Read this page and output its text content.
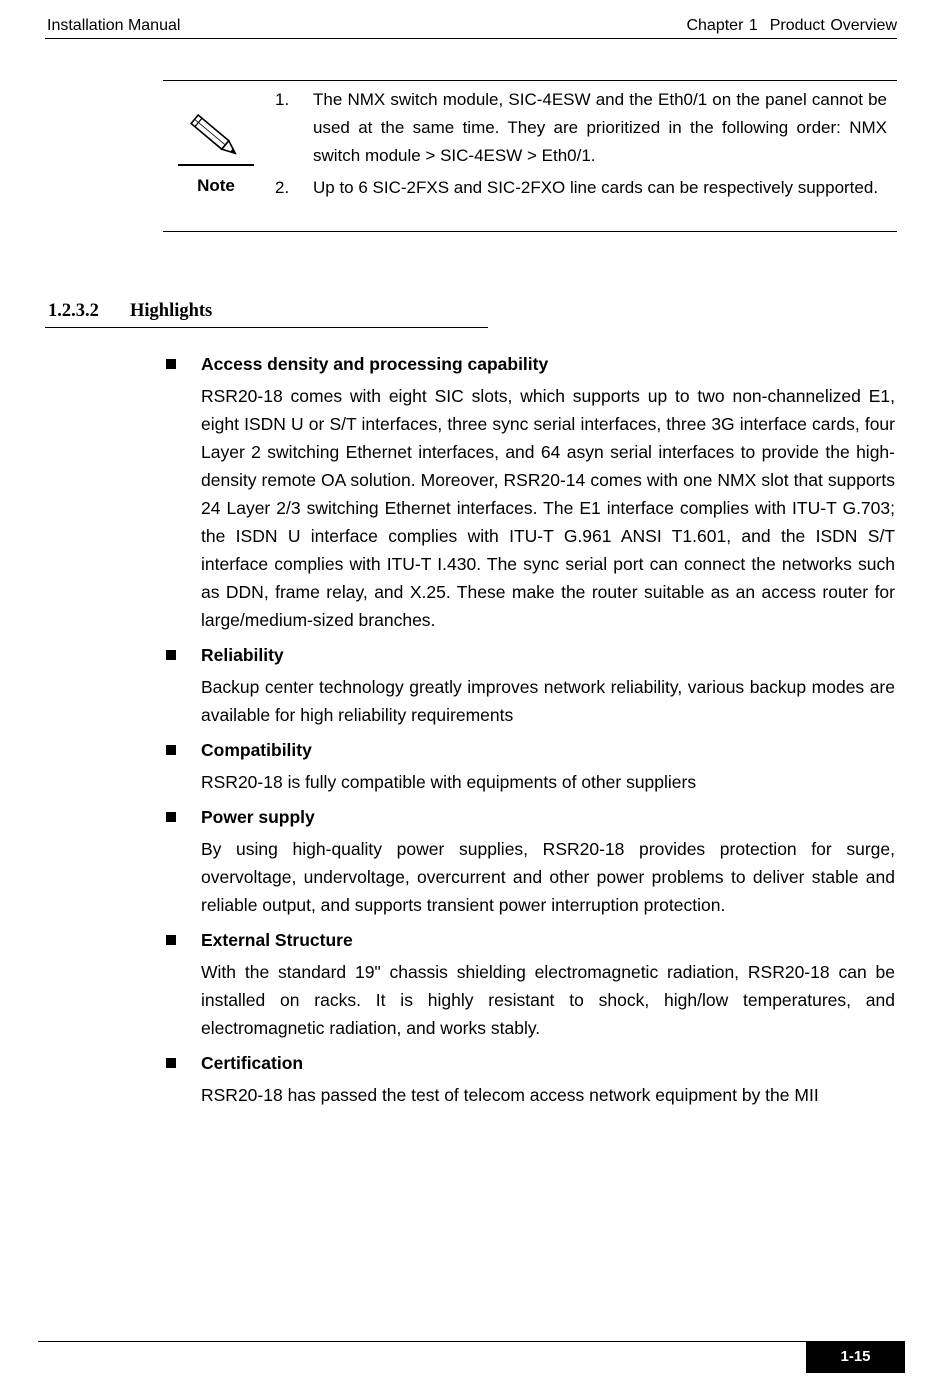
Installation Manual	Chapter 1 Product Overview
Note
1. The NMX switch module, SIC-4ESW and the Eth0/1 on the panel cannot be used at the same time. They are prioritized in the following order: NMX switch module > SIC-4ESW > Eth0/1.
2. Up to 6 SIC-2FXS and SIC-2FXO line cards can be respectively supported.
1.2.3.2 Highlights
Access density and processing capability
RSR20-18 comes with eight SIC slots, which supports up to two non-channelized E1, eight ISDN U or S/T interfaces, three sync serial interfaces, three 3G interface cards, four Layer 2 switching Ethernet interfaces, and 64 asyn serial interfaces to provide the high-density remote OA solution. Moreover, RSR20-14 comes with one NMX slot that supports 24 Layer 2/3 switching Ethernet interfaces. The E1 interface complies with ITU-T G.703; the ISDN U interface complies with ITU-T G.961 ANSI T1.601, and the ISDN S/T interface complies with ITU-T I.430. The sync serial port can connect the networks such as DDN, frame relay, and X.25. These make the router suitable as an access router for large/medium-sized branches.
Reliability
Backup center technology greatly improves network reliability, various backup modes are available for high reliability requirements
Compatibility
RSR20-18 is fully compatible with equipments of other suppliers
Power supply
By using high-quality power supplies, RSR20-18 provides protection for surge, overvoltage, undervoltage, overcurrent and other power problems to deliver stable and reliable output, and supports transient power interruption protection.
External Structure
With the standard 19" chassis shielding electromagnetic radiation, RSR20-18 can be installed on racks. It is highly resistant to shock, high/low temperatures, and electromagnetic radiation, and works stably.
Certification
RSR20-18 has passed the test of telecom access network equipment by the MII
1-15
